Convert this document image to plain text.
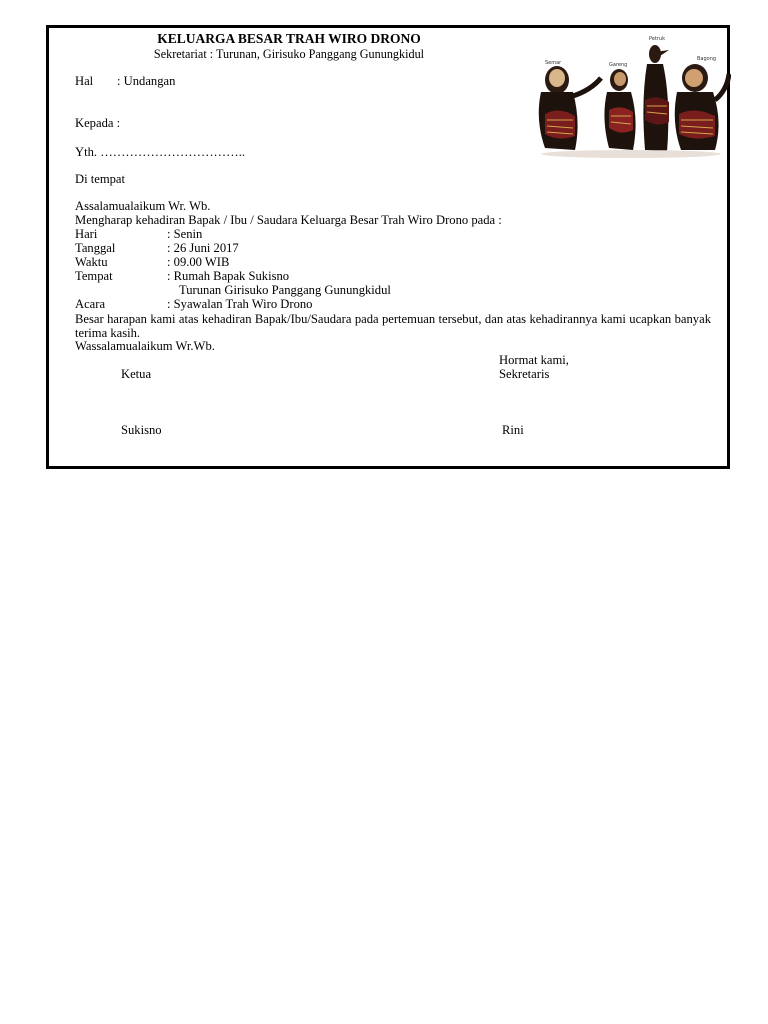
KELUARGA BESAR TRAH WIRO DRONO
Sekretariat : Turunan, Girisuko Panggang Gunungkidul
Semar	Gareng
Petruk
Bagong
Hal : Undangan
Kepada :
Yth. ……………………………..
Di tempat
Assalamualaikum Wr. Wb.
Mengharap kehadiran Bapak / Ibu / Saudara Keluarga Besar Trah Wiro Drono pada :
Hari	: Senin
Tanggal	: 26 Juni 2017
Waktu	: 09.00 WIB
Tempat	: Rumah Bapak Sukisno
Turunan Girisuko Panggang Gunungkidul
Acara	: Syawalan Trah Wiro Drono
Besar harapan kami atas kehadiran Bapak/Ibu/Saudara pada pertemuan tersebut, dan atas kehadirannya kami ucapkan banyak terima kasih.
Wassalamualaikum Wr.Wb.
Hormat kami,
Ketua	Sekretaris
Sukisno	Rini
